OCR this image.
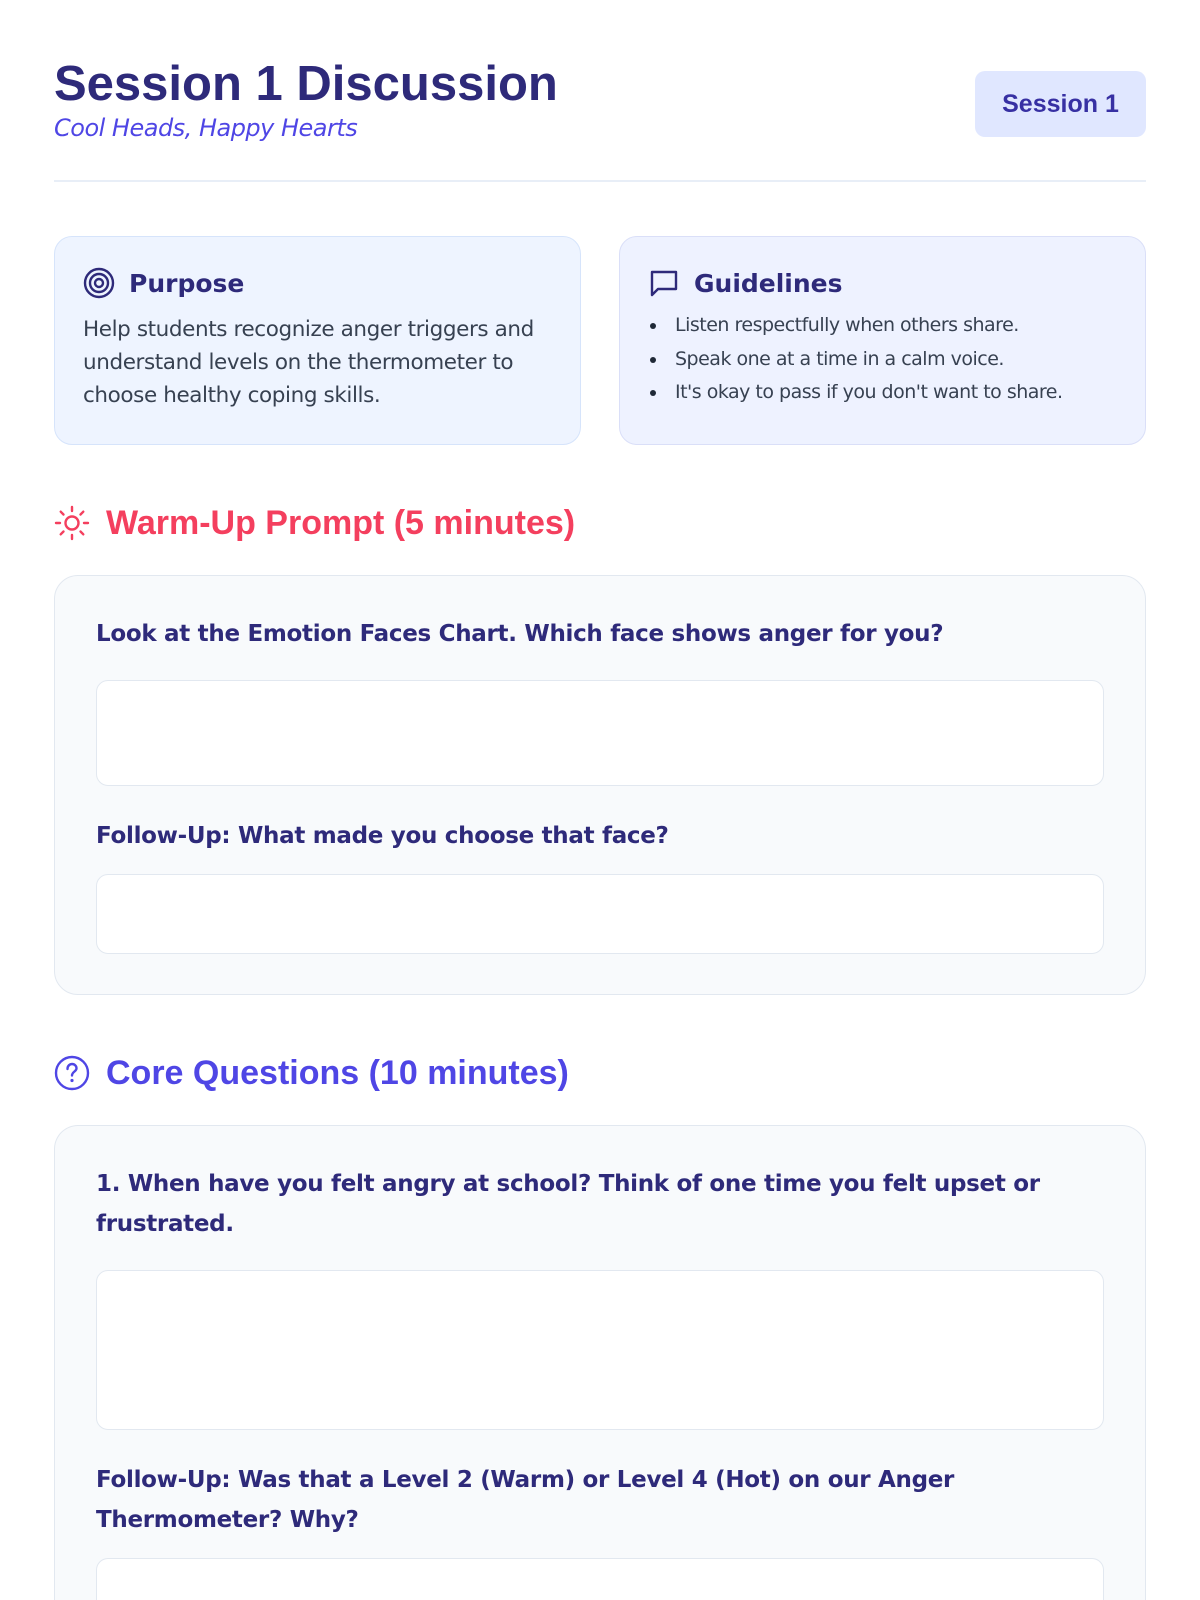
Session 1 Discussion
Cool Heads, Happy Hearts
Session 1
Purpose
Help students recognize anger triggers and understand levels on the thermometer to choose healthy coping skills.
Guidelines
Listen respectfully when others share.
Speak one at a time in a calm voice.
It's okay to pass if you don't want to share.
Warm-Up Prompt (5 minutes)
Look at the Emotion Faces Chart. Which face shows anger for you?
Follow-Up: What made you choose that face?
Core Questions (10 minutes)
1. When have you felt angry at school? Think of one time you felt upset or frustrated.
Follow-Up: Was that a Level 2 (Warm) or Level 4 (Hot) on our Anger Thermometer? Why?
